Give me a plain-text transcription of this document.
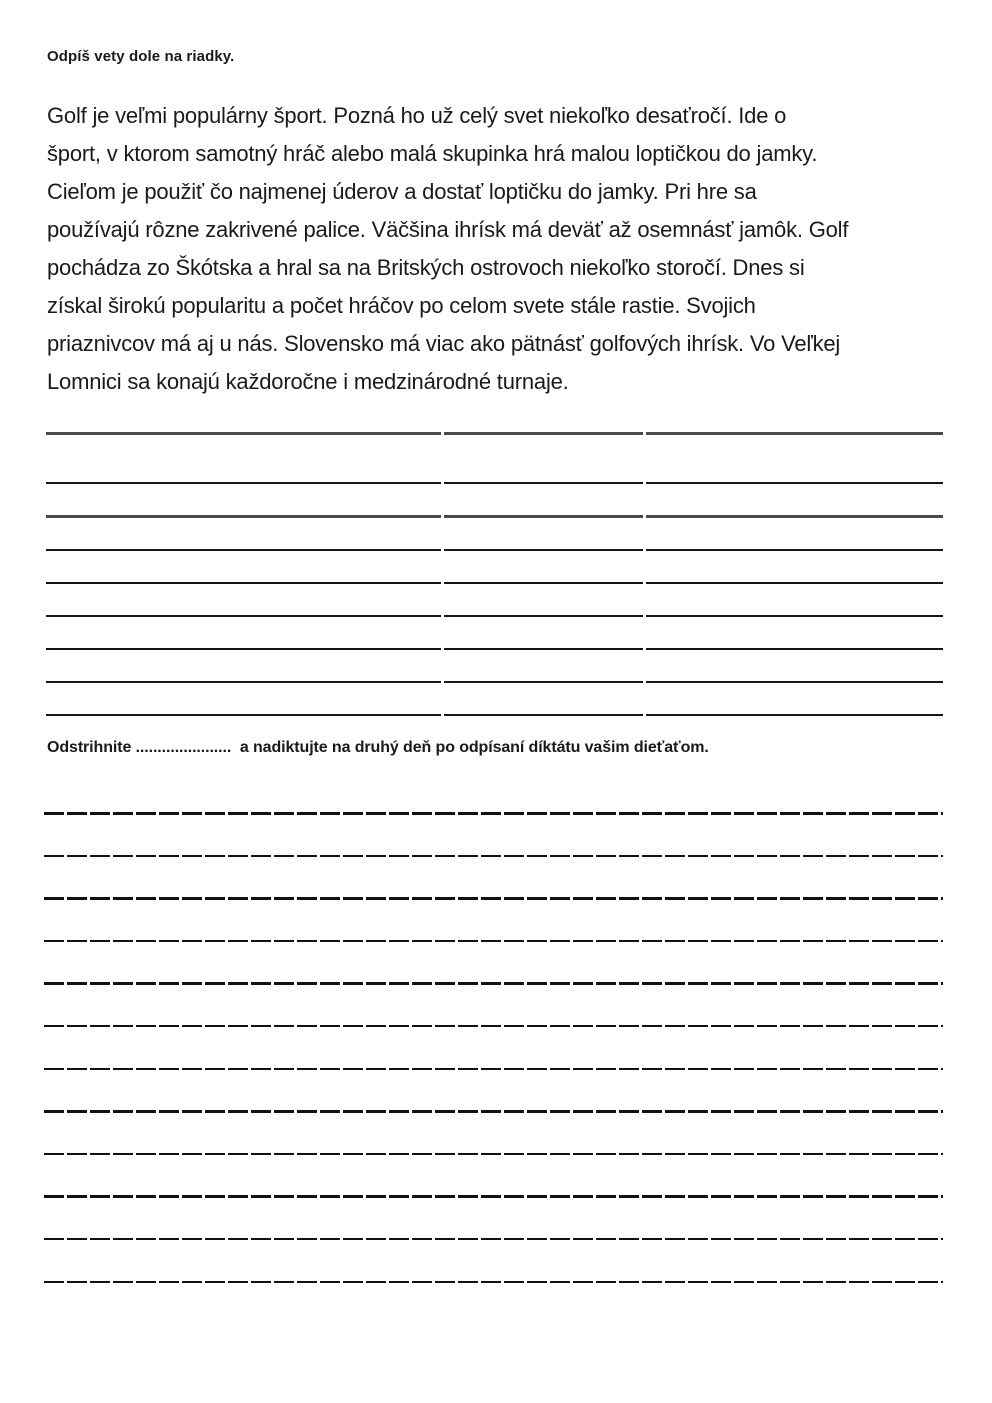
Odpíš vety dole na riadky.
Golf je veľmi populárny šport. Pozná ho už celý svet niekoľko desaťročí. Ide o
šport, v ktorom samotný hráč alebo malá skupinka hrá malou loptičkou do jamky.
Cieľom je použiť čo najmenej úderov a dostať loptičku do jamky. Pri hre sa
používajú rôzne zakrivené palice. Väčšina ihrísk má deväť až osemnásť jamôk. Golf
pochádza zo Škótska a hral sa na Britských ostrovoch niekoľko storočí. Dnes si
získal širokú popularitu a počet hráčov po celom svete stále rastie. Svojich
priaznivcov má aj u nás. Slovensko má viac ako pätnásť golfových ihrísk. Vo Veľkej
Lomnici sa konajú každoročne i medzinárodné turnaje.
Odstrihnite ......................  a nadiktujte na druhý deň po odpísaní díktátu vašim dieťaťom.
